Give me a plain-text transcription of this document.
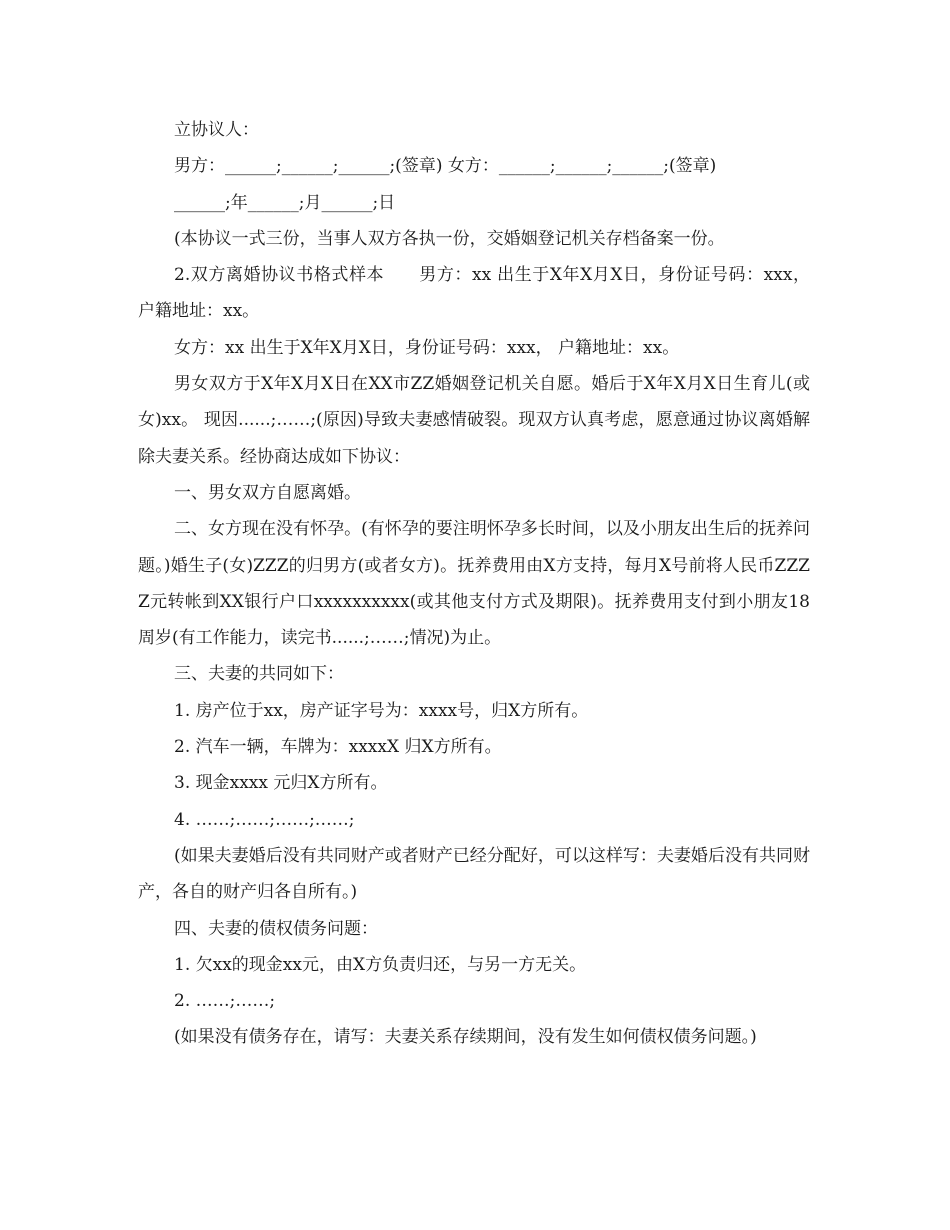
立协议人：

男方：______;______;______;(签章) 女方：______;______;______;(签章)

______;年______;月______;日

(本协议一式三份，当事人双方各执一份，交婚姻登记机关存档备案一份。

2.双方离婚协议书格式样本　　男方：xx 出生于X年X月X日，身份证号码：xxx， 户籍地址：xx。

女方：xx 出生于X年X月X日，身份证号码：xxx， 户籍地址：xx。

男女双方于X年X月X日在XX市ZZ婚姻登记机关自愿。婚后于X年X月X日生育儿(或女)xx。 现因......;……;(原因)导致夫妻感情破裂。现双方认真考虑，愿意通过协议离婚解除夫妻关系。经协商达成如下协议：

一、男女双方自愿离婚。

二、女方现在没有怀孕。(有怀孕的要注明怀孕多长时间，以及小朋友出生后的抚养问题。)婚生子(女)ZZZ的归男方(或者女方)。抚养费用由X方支持，每月X号前将人民币ZZZZ元转帐到XX银行户口xxxxxxxxxx(或其他支付方式及期限)。抚养费用支付到小朋友18周岁(有工作能力，读完书......;……;情况)为止。

三、夫妻的共同如下：

1. 房产位于xx，房产证字号为：xxxx号，归X方所有。

2. 汽车一辆，车牌为：xxxxX 归X方所有。

3. 现金xxxx 元归X方所有。

4. ……;……;……;……;

(如果夫妻婚后没有共同财产或者财产已经分配好，可以这样写：夫妻婚后没有共同财产，各自的财产归各自所有。)

四、夫妻的债权债务问题：

1. 欠xx的现金xx元，由X方负责归还，与另一方无关。

2. ……;……;

(如果没有债务存在，请写：夫妻关系存续期间，没有发生如何债权债务问题。)
